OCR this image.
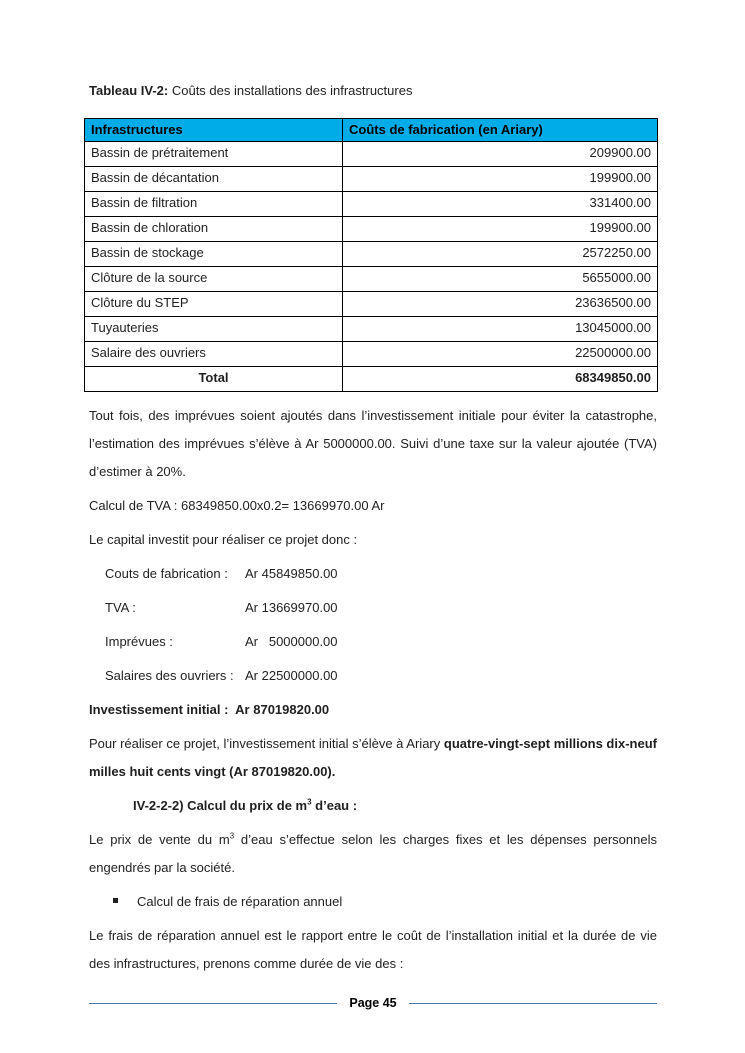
Tableau IV-2: Coûts des installations des infrastructures
Infrastructures	Coûts de fabrication (en Ariary)
Bassin de prétraitement	209900.00
Bassin de décantation	199900.00
Bassin de filtration	331400.00
Bassin de chloration	199900.00
Bassin de stockage	2572250.00
Clôture de la source	5655000.00
Clôture du STEP	23636500.00
Tuyauteries	13045000.00
Salaire des ouvriers	22500000.00
Total	68349850.00

Tout fois, des imprévues soient ajoutés dans l’investissement initiale pour éviter la catastrophe, l’estimation des imprévues s’élève à Ar 5000000.00. Suivi d’une taxe sur la valeur ajoutée (TVA) d’estimer à 20%.

Calcul de TVA : 68349850.00x0.2= 13669970.00 Ar

Le capital investit pour réaliser ce projet donc :

Couts de fabrication :	Ar 45849850.00
TVA :	Ar 13669970.00
Imprévues :	Ar   5000000.00
Salaires des ouvriers : Ar 22500000.00

Investissement initial :  Ar 87019820.00

Pour réaliser ce projet, l’investissement initial s’élève à Ariary quatre-vingt-sept millions dix-neuf milles huit cents vingt (Ar 87019820.00).

IV-2-2-2) Calcul du prix de $m^3$ d’eau :

Le prix de vente du $m^3$ d’eau s’effectue selon les charges fixes et les dépenses personnels engendrés par la société.

Calcul de frais de réparation annuel

Le frais de réparation annuel est le rapport entre le coût de l’installation initial et la durée de vie des infrastructures, prenons comme durée de vie des :

Page 45
